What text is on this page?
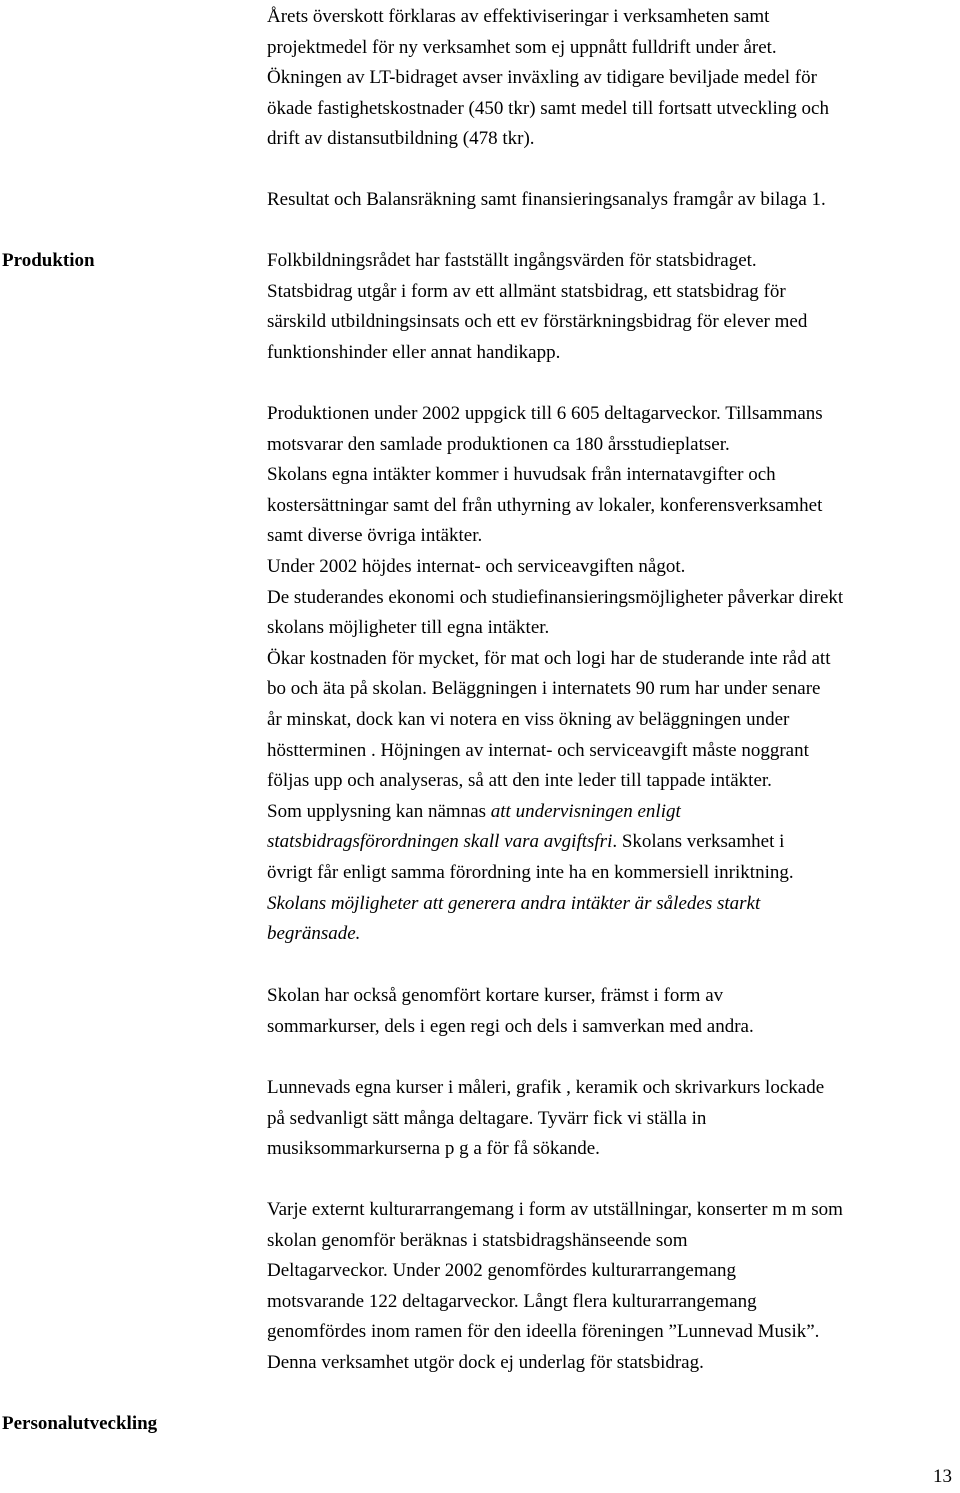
Årets överskott förklaras av effektiviseringar i verksamheten samt
projektmedel för ny verksamhet som ej uppnått fulldrift under året.
Ökningen av LT-bidraget avser inväxling av tidigare beviljade medel för
ökade fastighetskostnader (450 tkr) samt medel till fortsatt utveckling och
drift av distansutbildning (478 tkr).
Resultat och Balansräkning samt finansieringsanalys framgår av bilaga 1.
Produktion	Folkbildningsrådet har fastställt ingångsvärden för statsbidraget.
Statsbidrag utgår i form av ett allmänt statsbidrag, ett statsbidrag för
särskild utbildningsinsats och ett ev förstärkningsbidrag för elever med
funktionshinder eller annat handikapp.
Produktionen under 2002 uppgick till 6 605 deltagarveckor. Tillsammans
motsvarar den samlade produktionen ca 180 årsstudieplatser.
Skolans egna intäkter kommer i huvudsak från internatavgifter och
kostersättningar samt del från uthyrning av lokaler, konferensverksamhet
samt diverse övriga intäkter.
Under 2002 höjdes internat- och serviceavgiften något.
De studerandes ekonomi och studiefinansieringsmöjligheter påverkar direkt
skolans möjligheter till egna intäkter.
Ökar kostnaden för mycket, för mat och logi har de studerande inte råd att
bo och äta på skolan. Beläggningen i internatets 90 rum har under senare
år minskat, dock kan vi notera en viss ökning av beläggningen under
höstterminen . Höjningen av internat- och serviceavgift måste noggrant
följas upp och analyseras, så att den inte leder till tappade intäkter.
Som upplysning kan nämnas att undervisningen enligt
statsbidragsförordningen skall vara avgiftsfri. Skolans verksamhet i
övrigt får enligt samma förordning inte ha en kommersiell inriktning.
Skolans möjligheter att generera andra intäkter är således starkt
begränsade.
Skolan har också genomfört kortare kurser, främst i form av
sommarkurser, dels i egen regi och dels i samverkan med andra.
Lunnevads egna kurser i måleri, grafik , keramik och skrivarkurs lockade
på sedvanligt sätt många deltagare. Tyvärr fick vi ställa in
musiksommarkurserna p g a för få sökande.
Varje externt kulturarrangemang i form av utställningar, konserter m m som
skolan genomför beräknas i statsbidragshänseende som
Deltagarveckor. Under 2002 genomfördes kulturarrangemang
motsvarande 122 deltagarveckor. Långt flera kulturarrangemang
genomfördes inom ramen för den ideella föreningen ”Lunnevad Musik”.
Denna verksamhet utgör dock ej underlag för statsbidrag.
Personalutveckling
13
